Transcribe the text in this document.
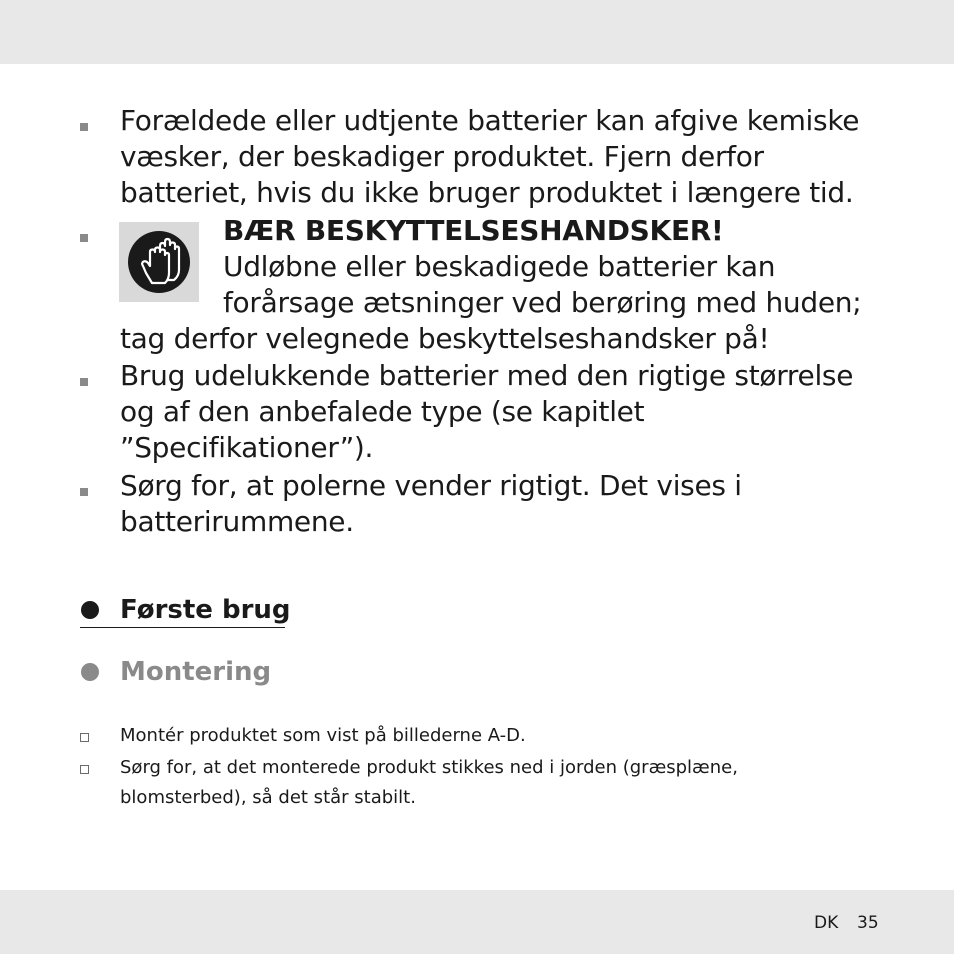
Forældede eller udtjente batterier kan afgive kemiske
væsker, der beskadiger produktet. Fjern derfor
batteriet, hvis du ikke bruger produktet i længere tid.
BÆR BESKYTTELSESHANDSKER!
Udløbne eller beskadigede batterier kan
forårsage ætsninger ved berøring med huden;
tag derfor velegnede beskyttelseshandsker på!
Brug udelukkende batterier med den rigtige størrelse
og af den anbefalede type (se kapitlet
”Specifikationer”).
Sørg for, at polerne vender rigtigt. Det vises i
batterirummene.
Første brug
Montering
Montér produktet som vist på billederne A-D.
Sørg for, at det monterede produkt stikkes ned i jorden (græsplæne,
blomsterbed), så det står stabilt.
DK 35
